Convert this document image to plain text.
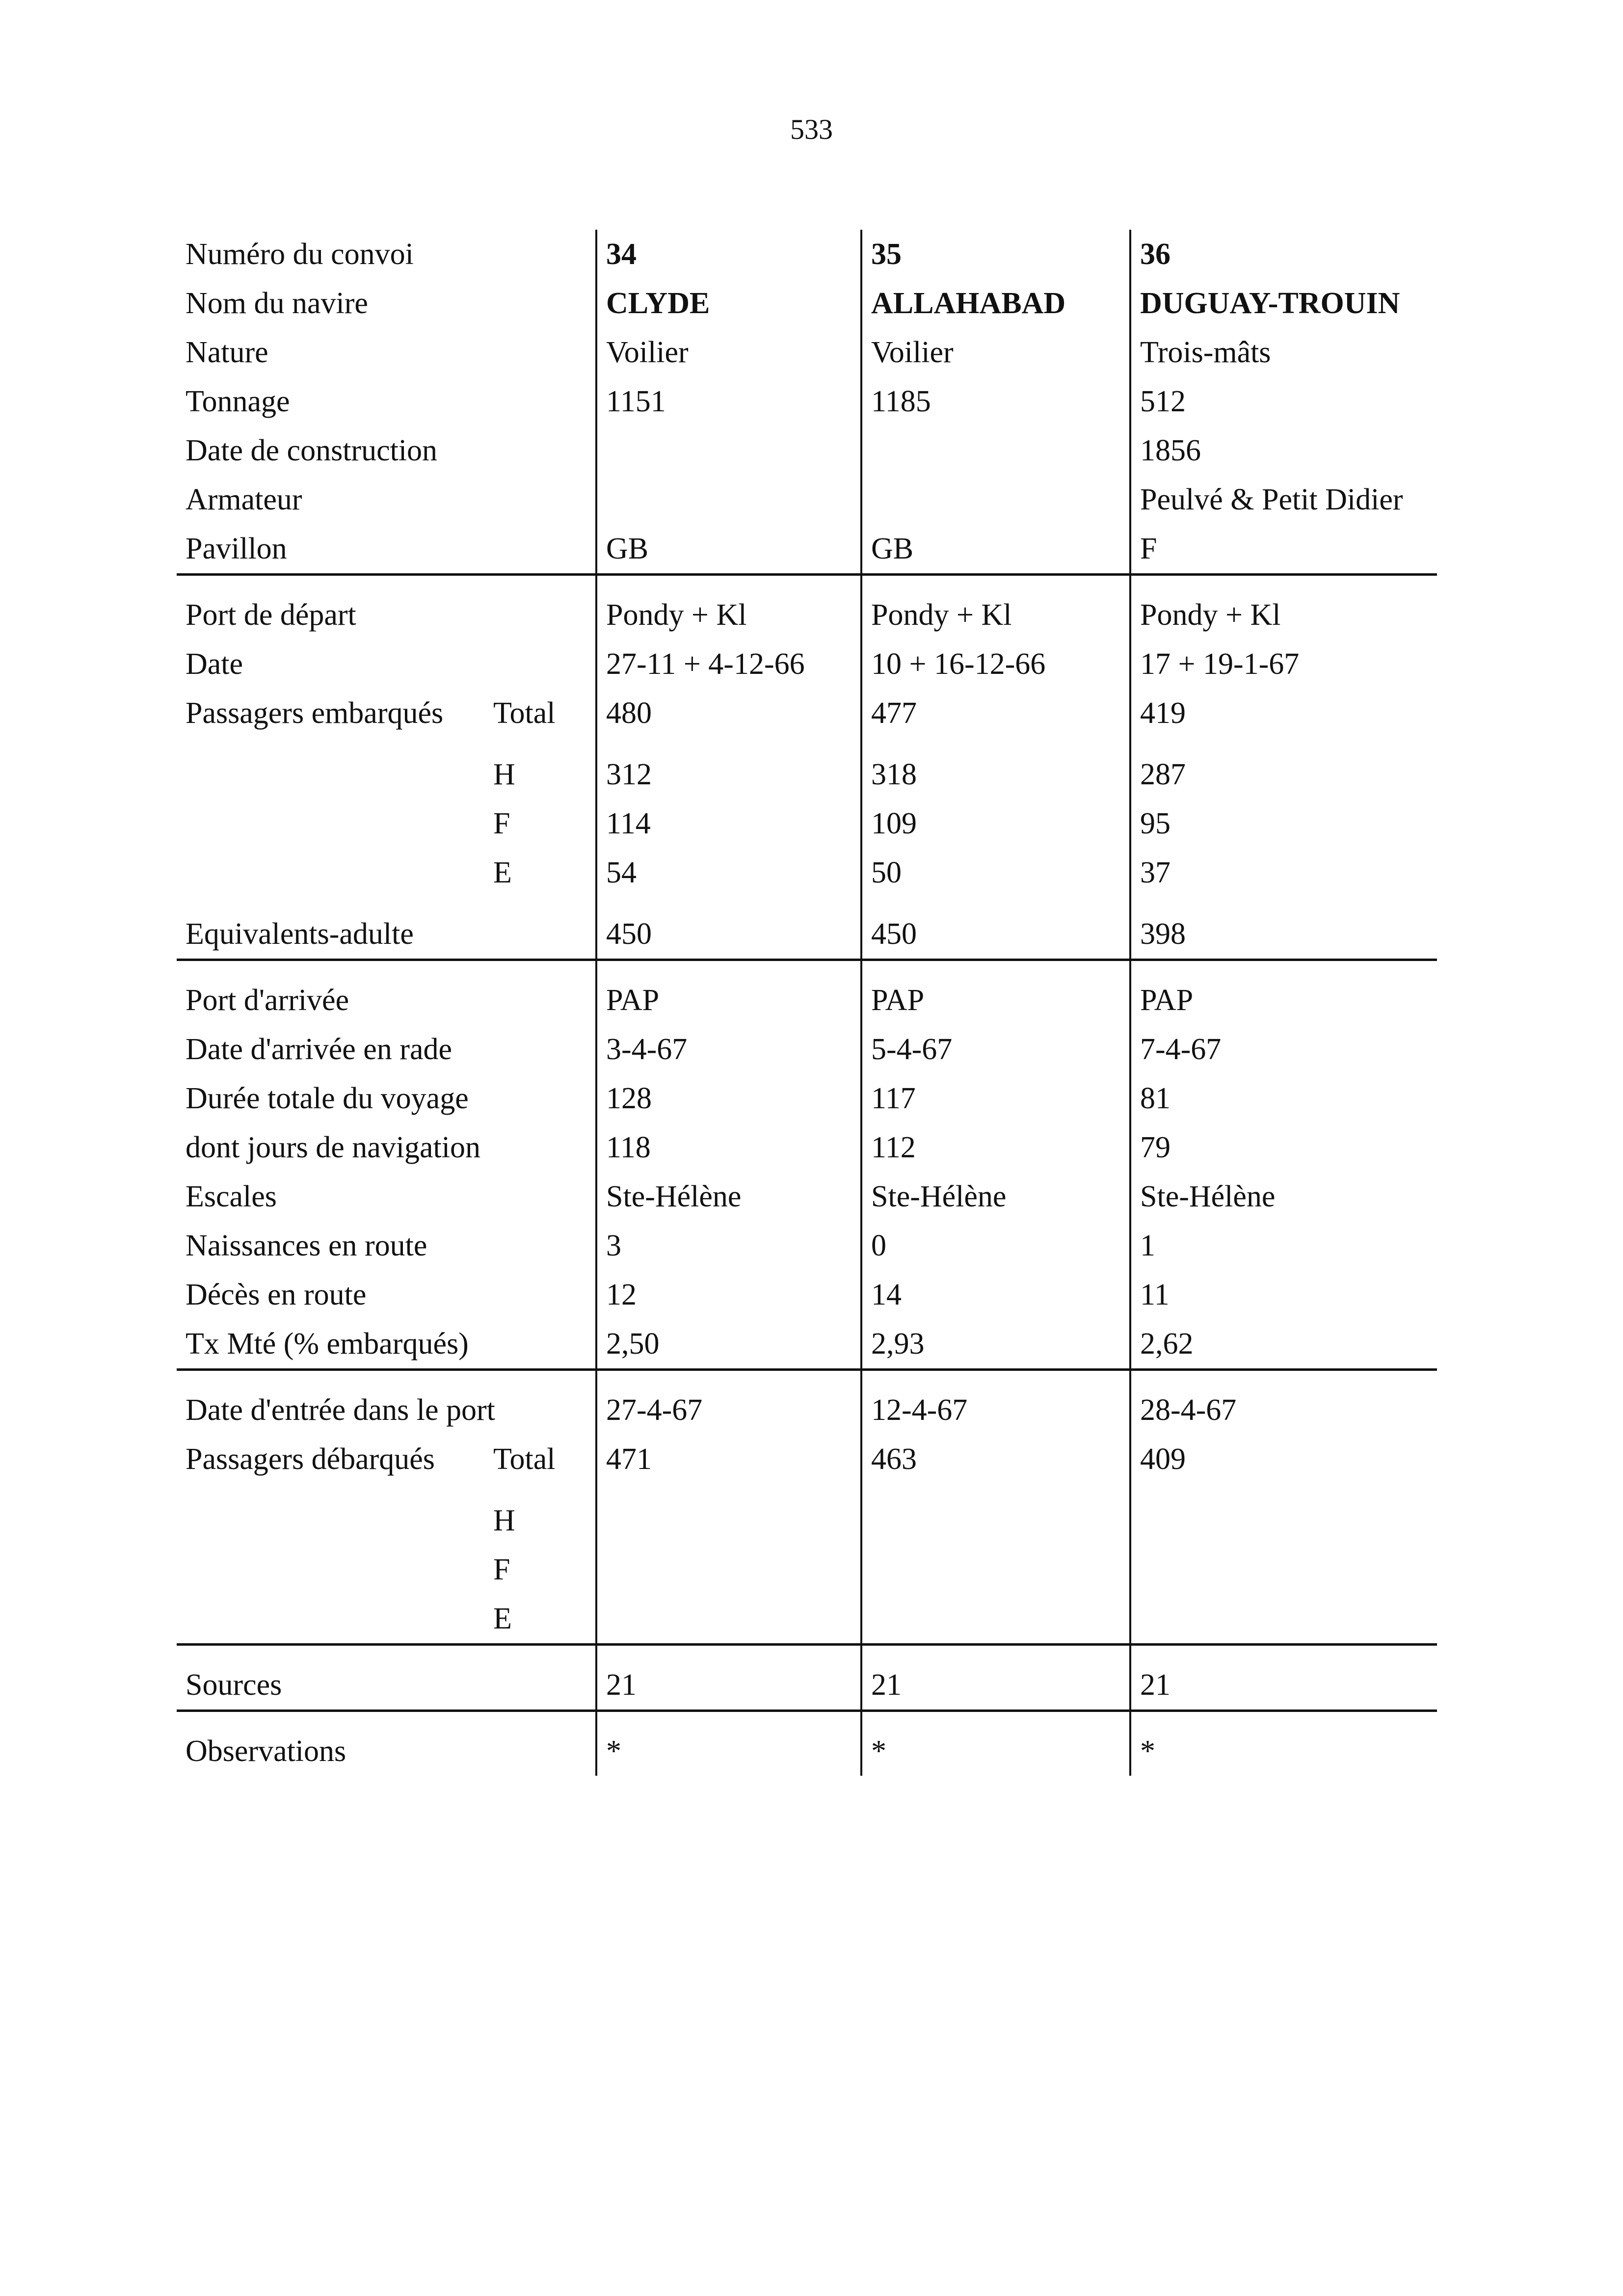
533
Numéro du convoi		34	35	36
Nom du navire		CLYDE	ALLAHABAD	DUGUAY-TROUIN
Nature		Voilier	Voilier	Trois-mâts
Tonnage		1151	1185	512
Date de construction				1856
Armateur				Peulvé & Petit Didier
Pavillon		GB	GB	F
Port de départ		Pondy + Kl	Pondy + Kl	Pondy + Kl
Date		27-11 + 4-12-66	10 + 16-12-66	17 + 19-1-67
Passagers embarqués	Total	480	477	419
	H	312	318	287
	F	114	109	95
	E	54	50	37
Equivalents-adulte		450	450	398
Port d'arrivée		PAP	PAP	PAP
Date d'arrivée en rade		3-4-67	5-4-67	7-4-67
Durée totale du voyage		128	117	81
dont jours de navigation		118	112	79
Escales		Ste-Hélène	Ste-Hélène	Ste-Hélène
Naissances en route		3	0	1
Décès en route		12	14	11
Tx Mté (% embarqués)		2,50	2,93	2,62
Date d'entrée dans le port		27-4-67	12-4-67	28-4-67
Passagers débarqués	Total	471	463	409
	H			
	F			
	E			
Sources		21	21	21
Observations		*	*	*
